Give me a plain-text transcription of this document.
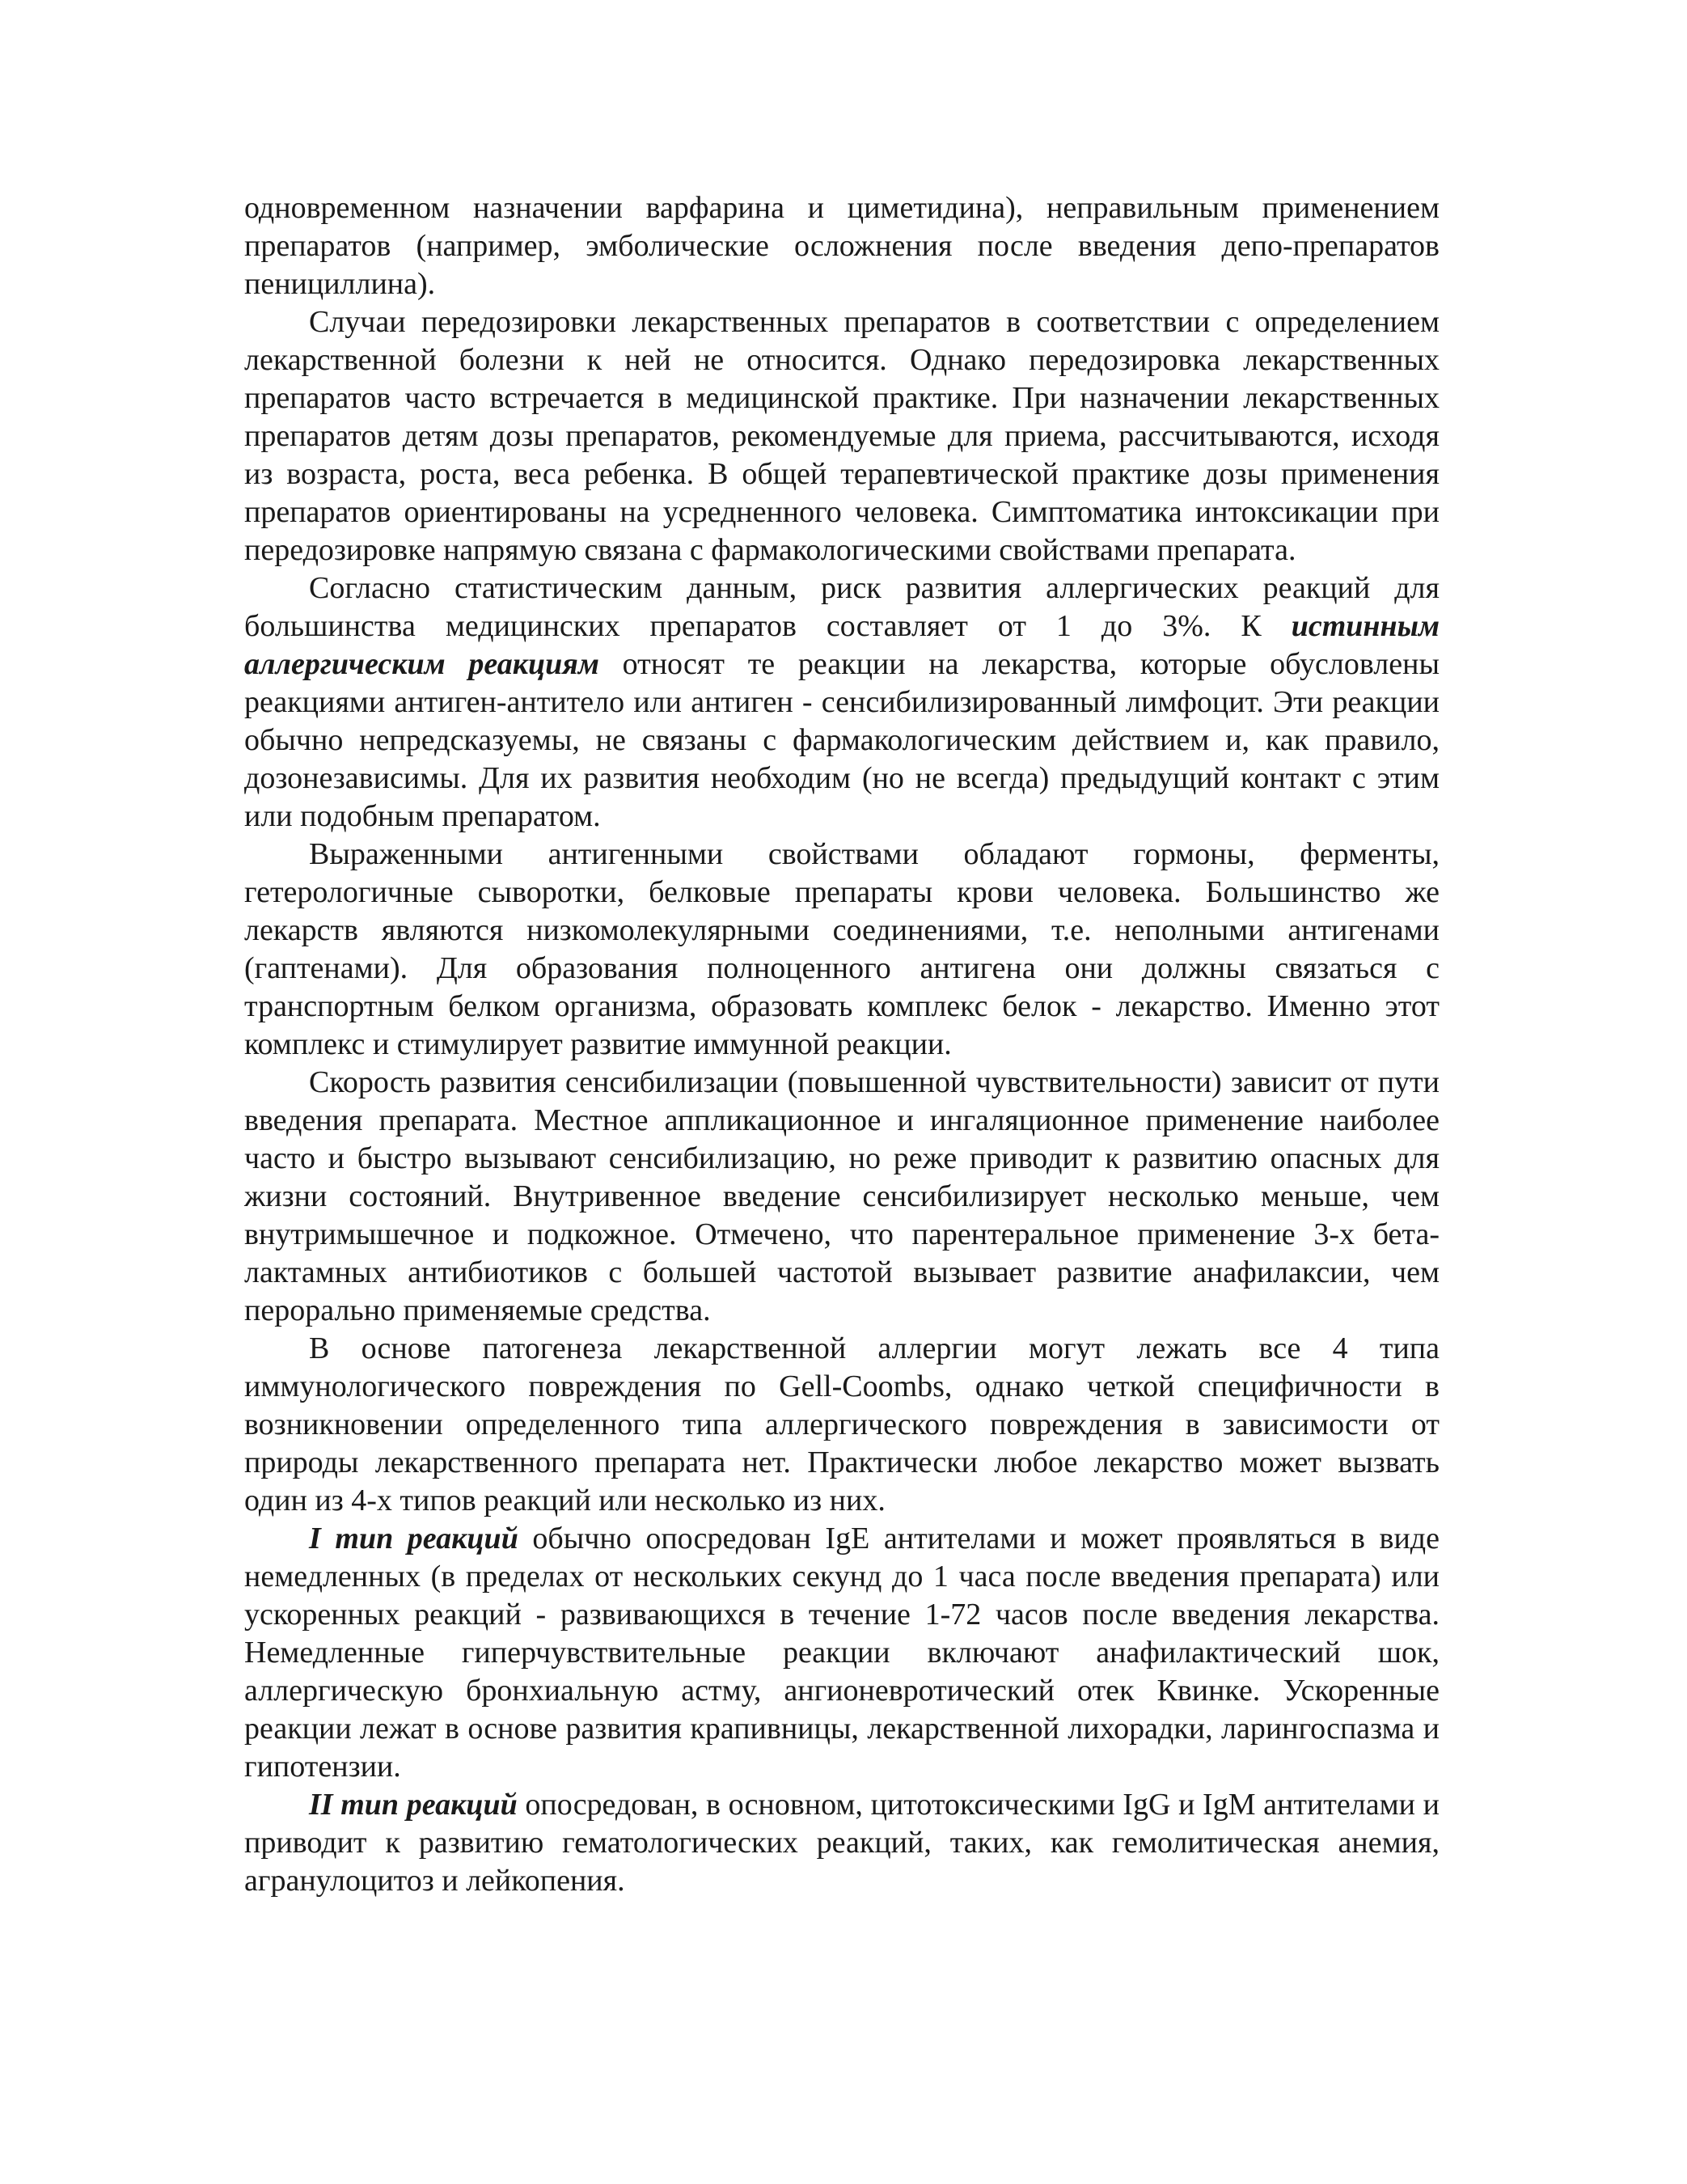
одновременном назначении варфарина и циметидина), неправильным применением препаратов (например, эмболические осложнения после введения депо-препаратов пенициллина).

Случаи передозировки лекарственных препаратов в соответствии с определением лекарственной болезни к ней не относится. Однако передозировка лекарственных препаратов часто встречается в медицинской практике. При назначении лекарственных препаратов детям дозы препаратов, рекомендуемые для приема, рассчитываются, исходя из возраста, роста, веса ребенка. В общей терапевтической практике дозы применения препаратов ориентированы на усредненного человека. Симптоматика интоксикации при передозировке напрямую связана с фармакологическими свойствами препарата.

Согласно статистическим данным, риск развития аллергических реакций для большинства медицинских препаратов составляет от 1 до 3%. К истинным аллергическим реакциям относят те реакции на лекарства, которые обусловлены реакциями антиген-антитело или антиген - сенсибилизированный лимфоцит. Эти реакции обычно непредсказуемы, не связаны с фармакологическим действием и, как правило, дозонезависимы. Для их развития необходим (но не всегда) предыдущий контакт с этим или подобным препаратом.

Выраженными антигенными свойствами обладают гормоны, ферменты, гетерологичные сыворотки, белковые препараты крови человека. Большинство же лекарств являются низкомолекулярными соединениями, т.е. неполными антигенами (гаптенами). Для образования полноценного антигена они должны связаться с транспортным белком организма, образовать комплекс белок - лекарство. Именно этот комплекс и стимулирует развитие иммунной реакции.

Скорость развития сенсибилизации (повышенной чувствительности) зависит от пути введения препарата. Местное аппликационное и ингаляционное применение наиболее часто и быстро вызывают сенсибилизацию, но реже приводит к развитию опасных для жизни состояний. Внутривенное введение сенсибилизирует несколько меньше, чем внутримышечное и подкожное. Отмечено, что парентеральное применение 3-х бета-лактамных антибиотиков с большей частотой вызывает развитие анафилаксии, чем перорально применяемые средства.

В основе патогенеза лекарственной аллергии могут лежать все 4 типа иммунологического повреждения по Gell-Coombs, однако четкой специфичности в возникновении определенного типа аллергического повреждения в зависимости от природы лекарственного препарата нет. Практически любое лекарство может вызвать один из 4-х типов реакций или несколько из них.

I тип реакций обычно опосредован IgE антителами и может проявляться в виде немедленных (в пределах от нескольких секунд до 1 часа после введения препарата) или ускоренных реакций - развивающихся в течение 1-72 часов после введения лекарства. Немедленные гиперчувствительные реакции включают анафилактический шок, аллергическую бронхиальную астму, ангионевротический отек Квинке. Ускоренные реакции лежат в основе развития крапивницы, лекарственной лихорадки, ларингоспазма и гипотензии.

II тип реакций опосредован, в основном, цитотоксическими IgG и IgM антителами и приводит к развитию гематологических реакций, таких, как гемолитическая анемия, агранулоцитоз и лейкопения.
